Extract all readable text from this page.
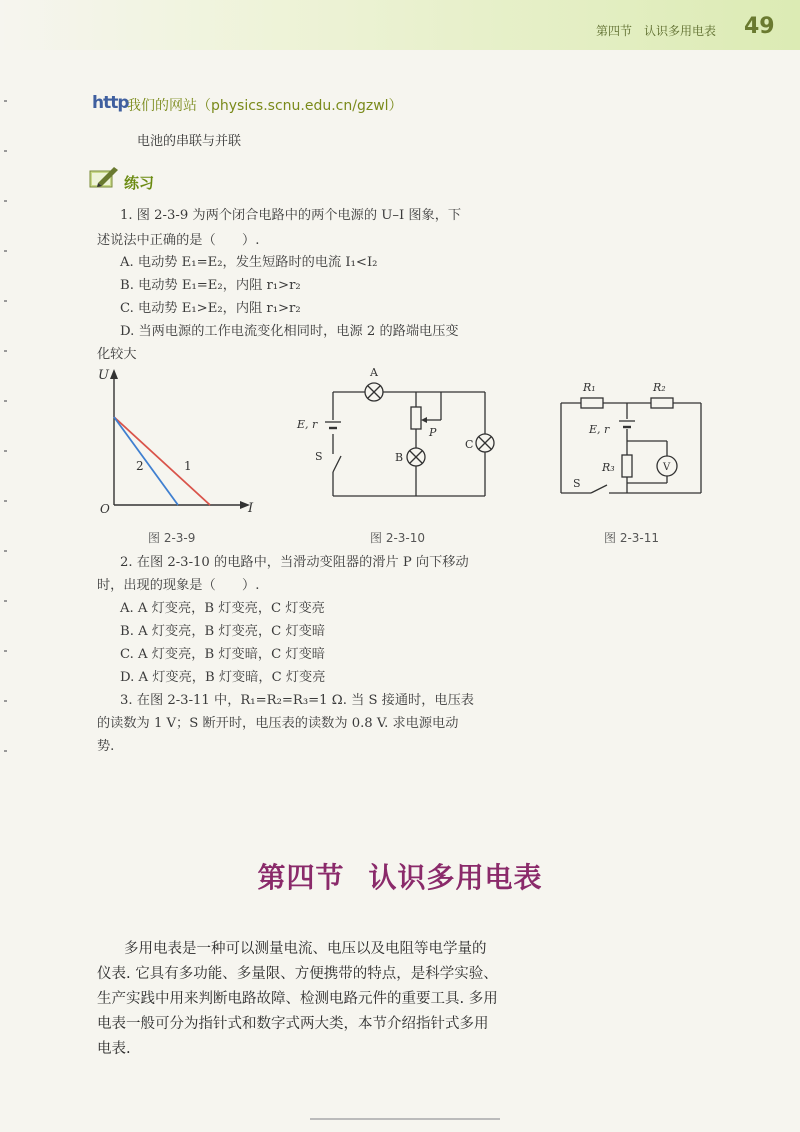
第四节　认识多用电表 49
http
我们的网站（physics.scnu.edu.cn/gzwl）
电池的串联与并联
练习
1. 图 2-3-9 为两个闭合电路中的两个电源的 U–I 图象，下
述说法中正确的是（　　）.
A. 电动势 E₁=E₂，发生短路时的电流 I₁<I₂
B. 电动势 E₁=E₂，内阻 r₁>r₂
C. 电动势 E₁>E₂，内阻 r₁>r₂
D. 当两电源的工作电流变化相同时，电源 2 的路端电压变
化较大
U
I
O
1
2
图 2-3-9
A
B
C
P
E, r
S
图 2-3-10
R₁	R₂
R₃
E, r
V
S
图 2-3-11
2. 在图 2-3-10 的电路中，当滑动变阻器的滑片 P 向下移动
时，出现的现象是（　　）.
A. A 灯变亮，B 灯变亮，C 灯变亮
B. A 灯变亮，B 灯变亮，C 灯变暗
C. A 灯变亮，B 灯变暗，C 灯变暗
D. A 灯变亮，B 灯变暗，C 灯变亮
3. 在图 2-3-11 中，R₁=R₂=R₃=1 Ω. 当 S 接通时，电压表
的读数为 1 V；S 断开时，电压表的读数为 0.8 V. 求电源电动
势.
第四节 认识多用电表
多用电表是一种可以测量电流、电压以及电阻等电学量的
仪表. 它具有多功能、多量限、方便携带的特点，是科学实验、
生产实践中用来判断电路故障、检测电路元件的重要工具. 多用
电表一般可分为指针式和数字式两大类，本节介绍指针式多用
电表.
